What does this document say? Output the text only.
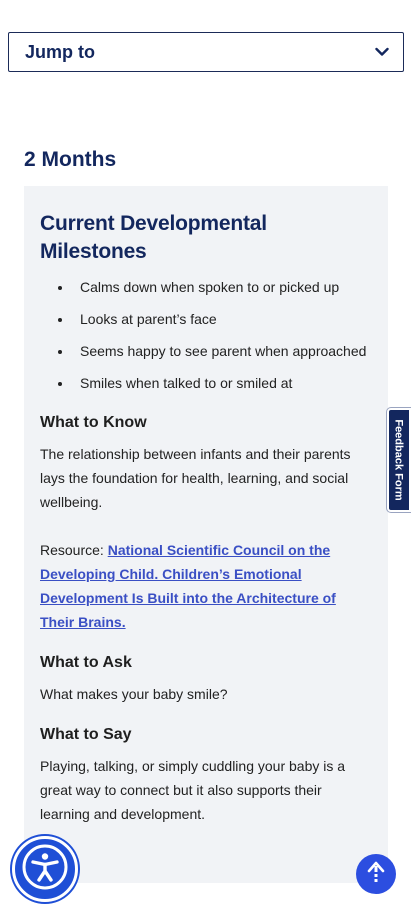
Jump to
2 Months
Current Developmental Milestones
Calms down when spoken to or picked up
Looks at parent’s face
Seems happy to see parent when approached
Smiles when talked to or smiled at
What to Know

The relationship between infants and their parents lays the foundation for health, learning, and social wellbeing.

Resource: National Scientific Council on the Developing Child. Children’s Emotional Development Is Built into the Architecture of Their Brains.

What to Ask

What makes your baby smile?

What to Say

Playing, talking, or simply cuddling your baby is a great way to connect but it also supports their learning and development.

Feedback Form
